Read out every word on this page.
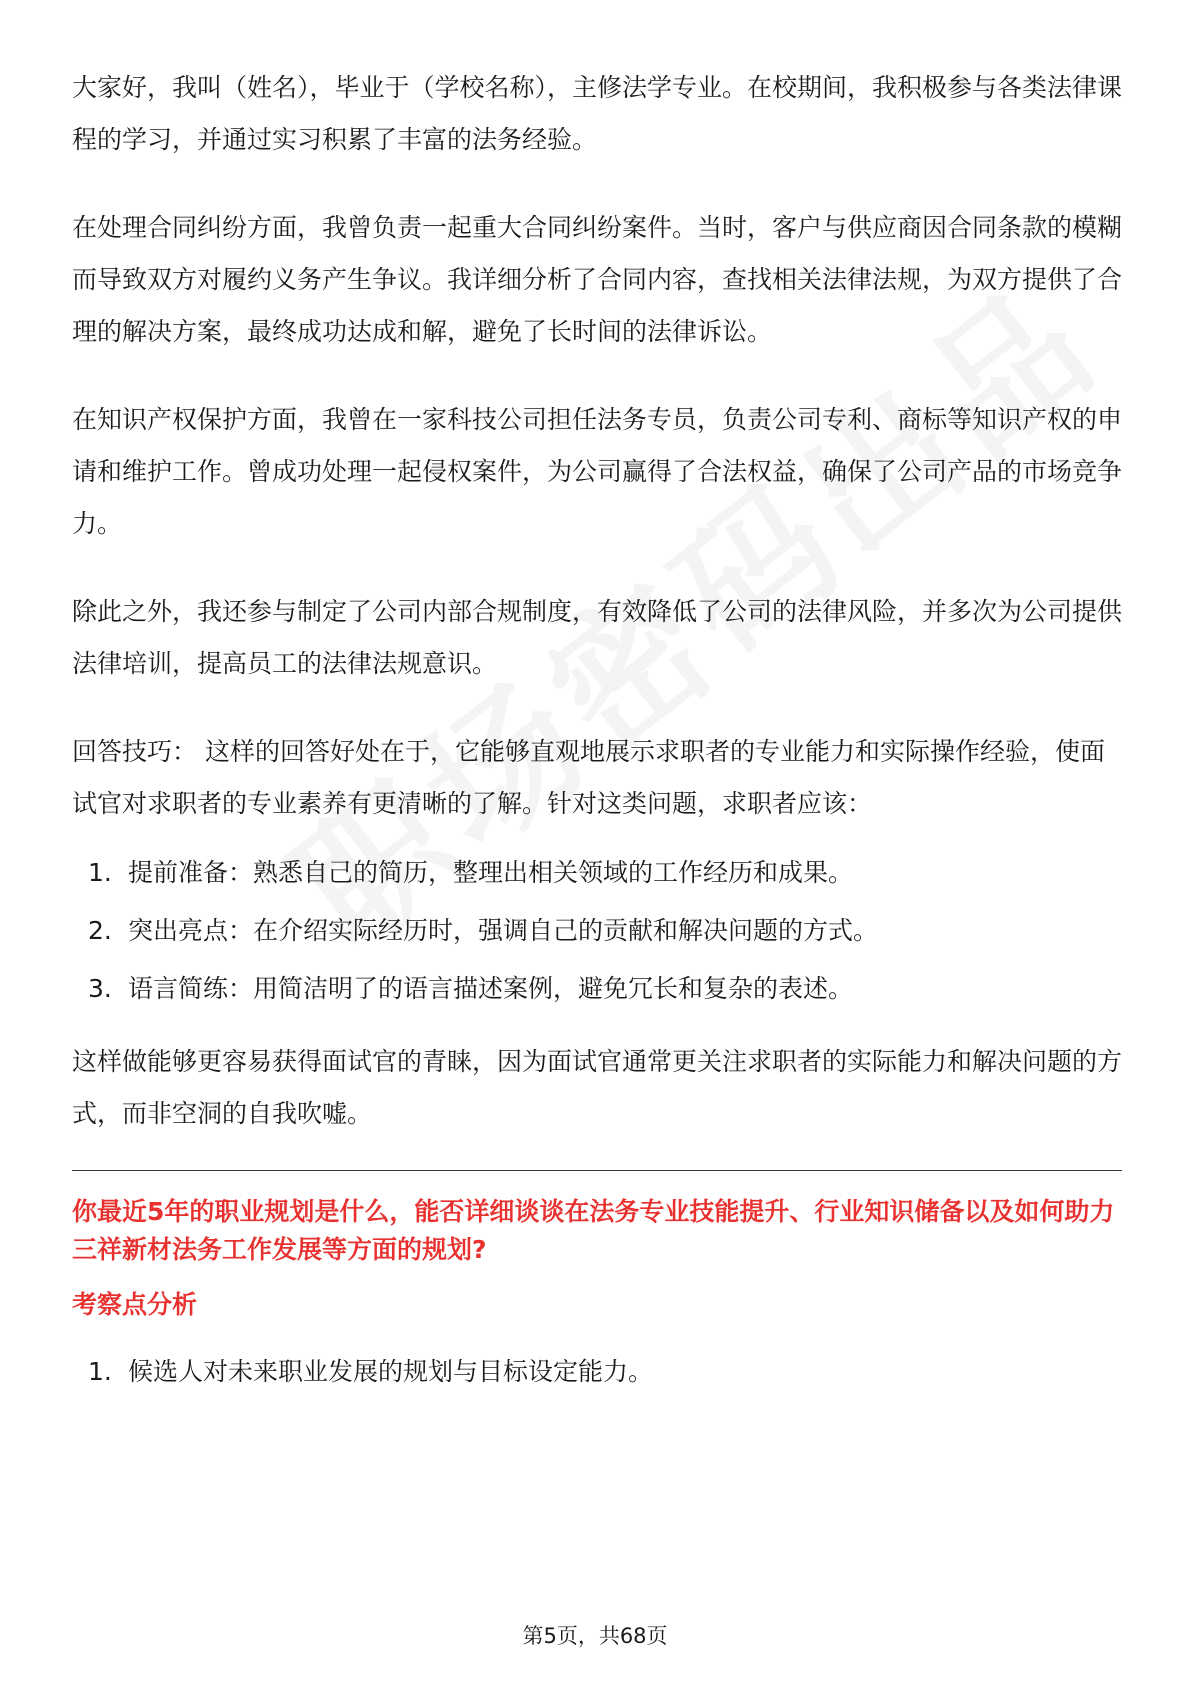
大家好，我叫（姓名），毕业于（学校名称），主修法学专业。在校期间，我积极参与各类法律课程的学习，并通过实习积累了丰富的法务经验。

在处理合同纠纷方面，我曾负责一起重大合同纠纷案件。当时，客户与供应商因合同条款的模糊而导致双方对履约义务产生争议。我详细分析了合同内容，查找相关法律法规，为双方提供了合理的解决方案，最终成功达成和解，避免了长时间的法律诉讼。

在知识产权保护方面，我曾在一家科技公司担任法务专员，负责公司专利、商标等知识产权的申请和维护工作。曾成功处理一起侵权案件，为公司赢得了合法权益，确保了公司产品的市场竞争力。

除此之外，我还参与制定了公司内部合规制度，有效降低了公司的法律风险，并多次为公司提供法律培训，提高员工的法律法规意识。

回答技巧： 这样的回答好处在于，它能够直观地展示求职者的专业能力和实际操作经验，使面试官对求职者的专业素养有更清晰的了解。针对这类问题，求职者应该：

1. 提前准备：熟悉自己的简历，整理出相关领域的工作经历和成果。
2. 突出亮点：在介绍实际经历时，强调自己的贡献和解决问题的方式。
3. 语言简练：用简洁明了的语言描述案例，避免冗长和复杂的表述。

这样做能够更容易获得面试官的青睐，因为面试官通常更关注求职者的实际能力和解决问题的方式，而非空洞的自我吹嘘。

你最近5年的职业规划是什么，能否详细谈谈在法务专业技能提升、行业知识储备以及如何助力三祥新材法务工作发展等方面的规划?
考察点分析
1. 候选人对未来职业发展的规划与目标设定能力。
第5页，共68页
